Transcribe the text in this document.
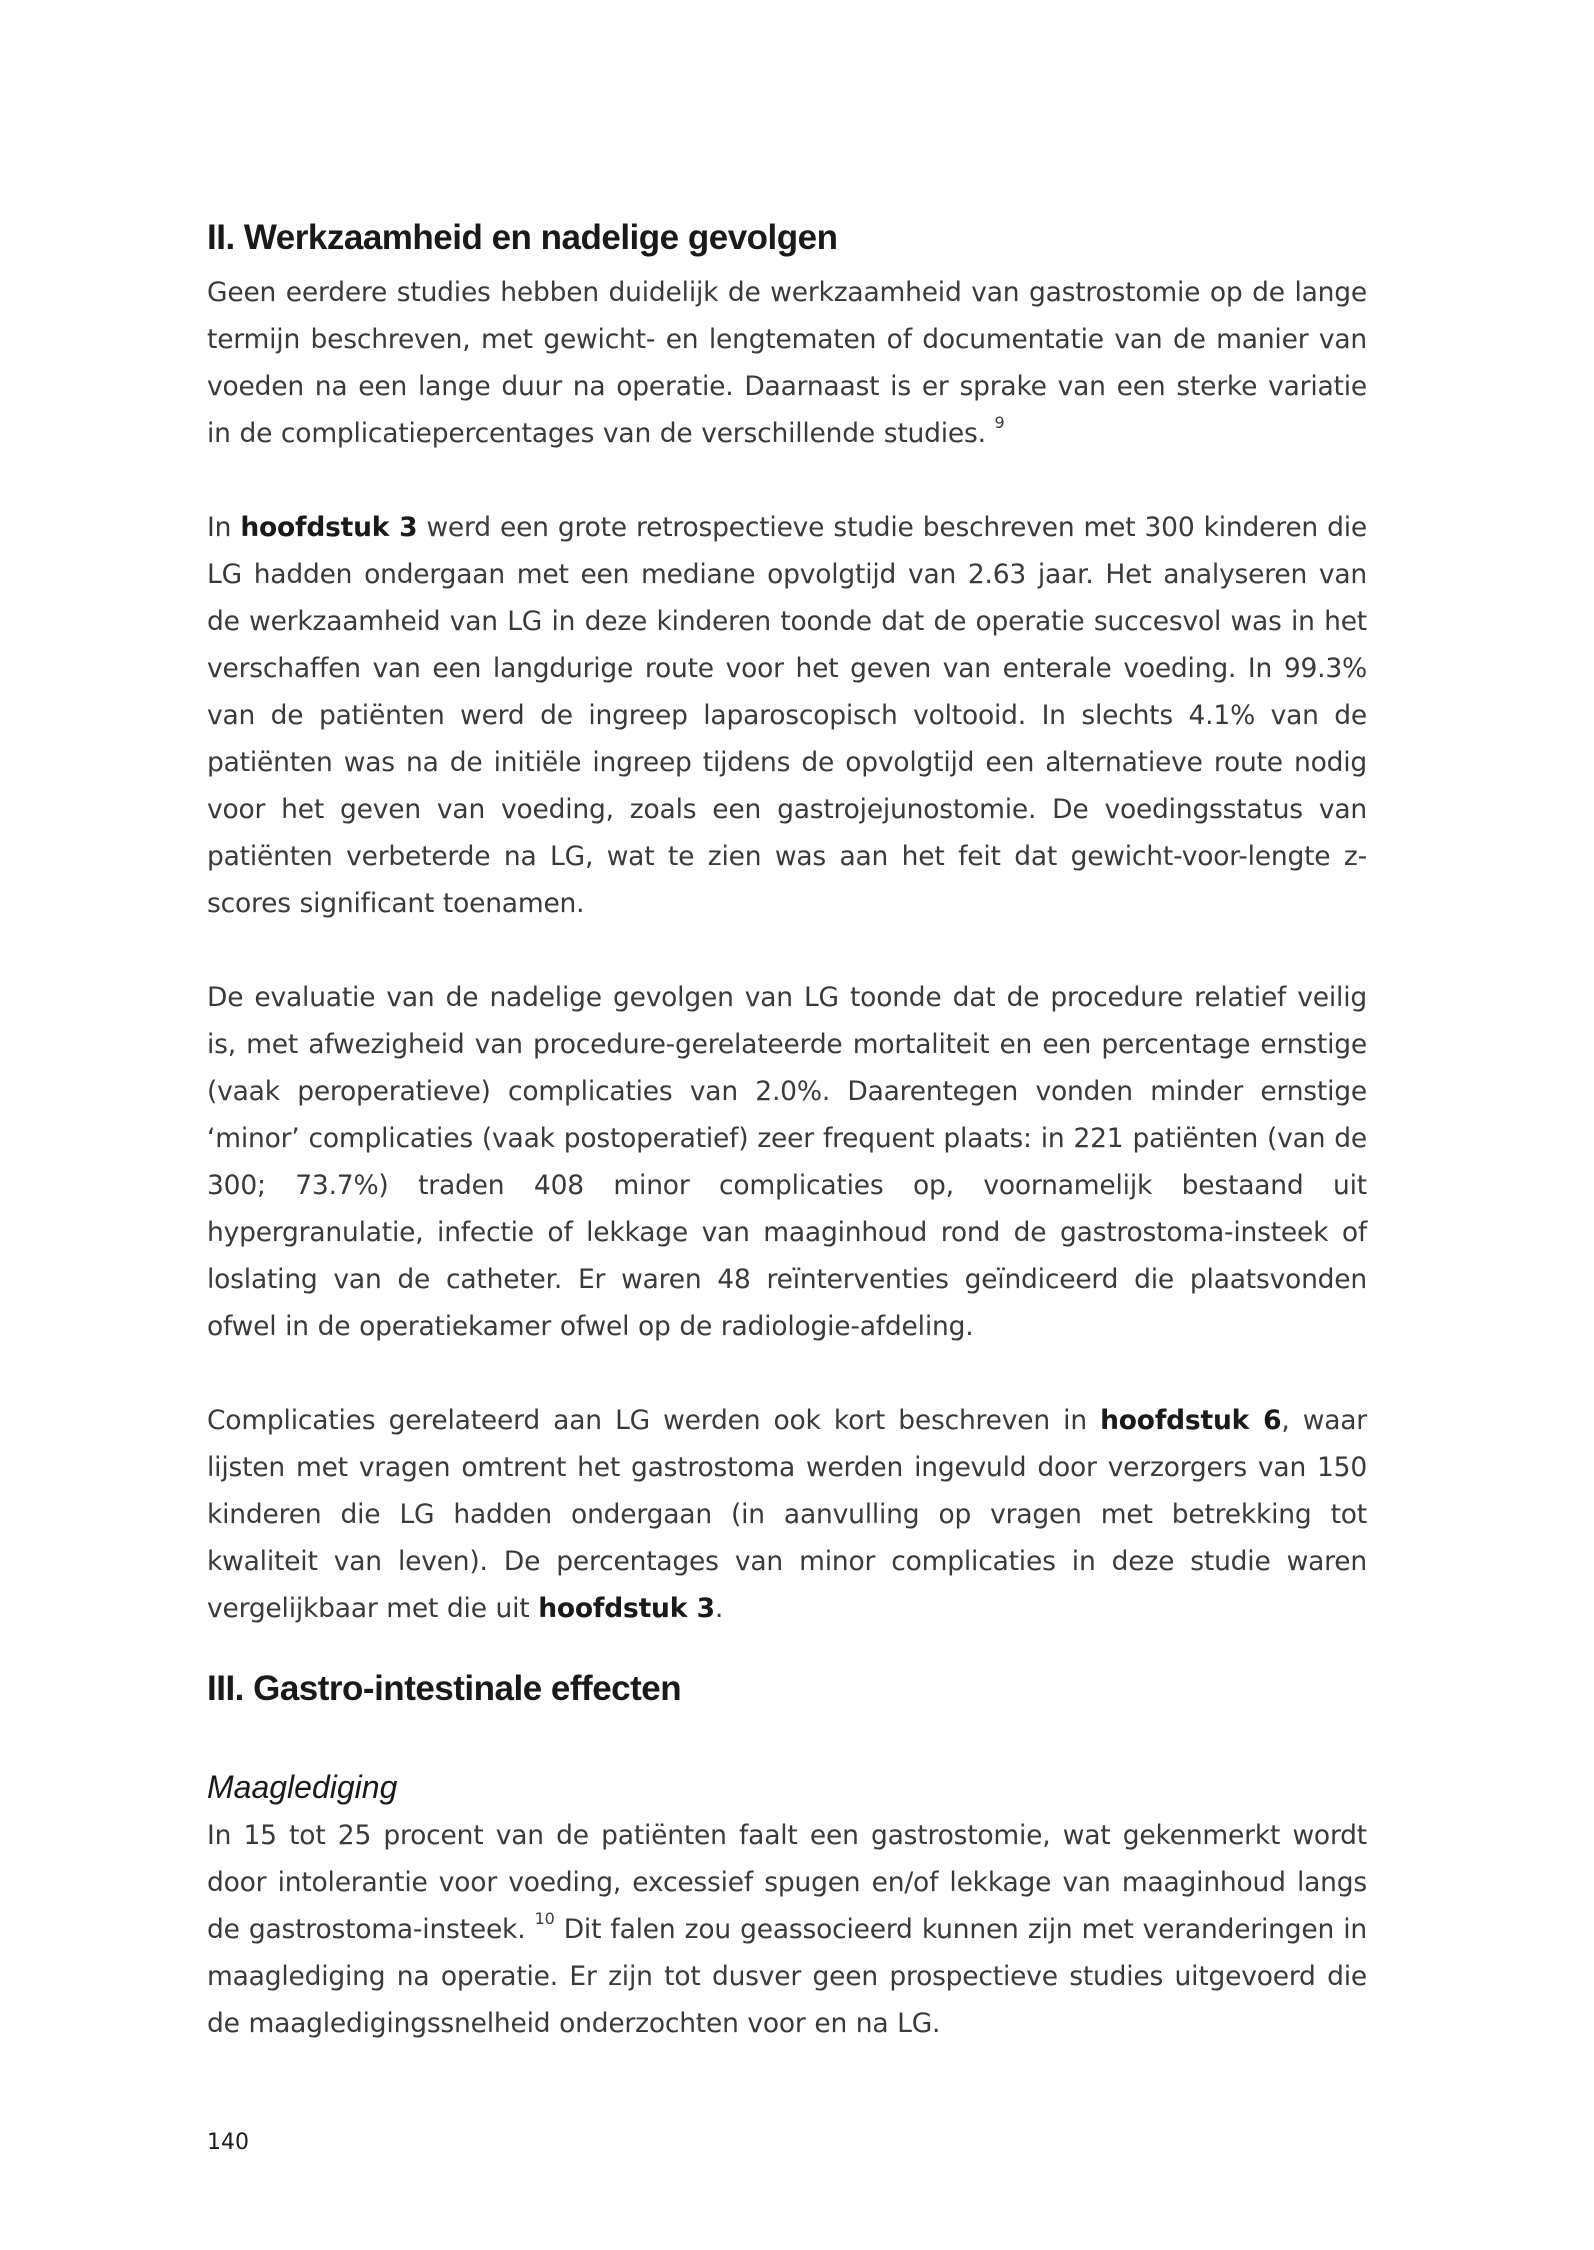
II. Werkzaamheid en nadelige gevolgen

Geen eerdere studies hebben duidelijk de werkzaamheid van gastrostomie op de lange termijn beschreven, met gewicht- en lengtematen of documentatie van de manier van voeden na een lange duur na operatie. Daarnaast is er sprake van een sterke variatie in de complicatiepercentages van de verschillende studies. $^9$

In hoofdstuk 3 werd een grote retrospectieve studie beschreven met 300 kinderen die LG hadden ondergaan met een mediane opvolgtijd van 2.63 jaar. Het analyseren van de werkzaamheid van LG in deze kinderen toonde dat de operatie succesvol was in het verschaffen van een langdurige route voor het geven van enterale voeding. In 99.3% van de patiënten werd de ingreep laparoscopisch voltooid. In slechts 4.1% van de patiënten was na de initiële ingreep tijdens de opvolgtijd een alternatieve route nodig voor het geven van voeding, zoals een gastrojejunostomie. De voedingsstatus van patiënten verbeterde na LG, wat te zien was aan het feit dat gewicht-voor-lengte z-scores significant toenamen.

De evaluatie van de nadelige gevolgen van LG toonde dat de procedure relatief veilig is, met afwezigheid van procedure-gerelateerde mortaliteit en een percentage ernstige (vaak peroperatieve) complicaties van 2.0%. Daarentegen vonden minder ernstige ‘minor’ complicaties (vaak postoperatief) zeer frequent plaats: in 221 patiënten (van de 300; 73.7%) traden 408 minor complicaties op, voornamelijk bestaand uit hypergranulatie, infectie of lekkage van maaginhoud rond de gastrostoma-insteek of loslating van de catheter. Er waren 48 reïnterventies geïndiceerd die plaatsvonden ofwel in de operatiekamer ofwel op de radiologie-afdeling.

Complicaties gerelateerd aan LG werden ook kort beschreven in hoofdstuk 6, waar lijsten met vragen omtrent het gastrostoma werden ingevuld door verzorgers van 150 kinderen die LG hadden ondergaan (in aanvulling op vragen met betrekking tot kwaliteit van leven). De percentages van minor complicaties in deze studie waren vergelijkbaar met die uit hoofdstuk 3.

III. Gastro-intestinale effecten
Maaglediging

In 15 tot 25 procent van de patiënten faalt een gastrostomie, wat gekenmerkt wordt door intolerantie voor voeding, excessief spugen en/of lekkage van maaginhoud langs de gastrostoma-insteek. $^{10}$ Dit falen zou geassocieerd kunnen zijn met veranderingen in maaglediging na operatie. Er zijn tot dusver geen prospectieve studies uitgevoerd die de maagledigingssnelheid onderzochten voor en na LG.

140
